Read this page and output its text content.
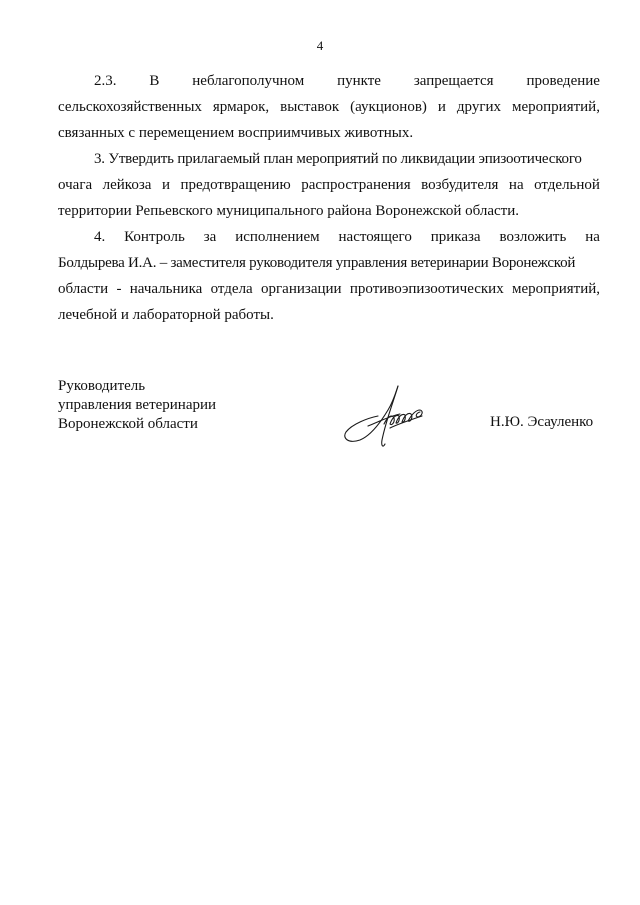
4
2.3. В неблагополучном пункте запрещается проведение
сельскохозяйственных ярмарок, выставок (аукционов) и других мероприятий,
связанных с перемещением восприимчивых животных.
3. Утвердить прилагаемый план мероприятий по ликвидации эпизоотического
очага лейкоза и предотвращению распространения возбудителя на отдельной
территории Репьевского муниципального района Воронежской области.
4. Контроль за исполнением настоящего приказа возложить на
Болдырева И.А. – заместителя руководителя управления ветеринарии Воронежской
области - начальника отдела организации противоэпизоотических мероприятий,
лечебной и лабораторной работы.
Руководитель
управления ветеринарии
Воронежской области	Н.Ю. Эсауленко
